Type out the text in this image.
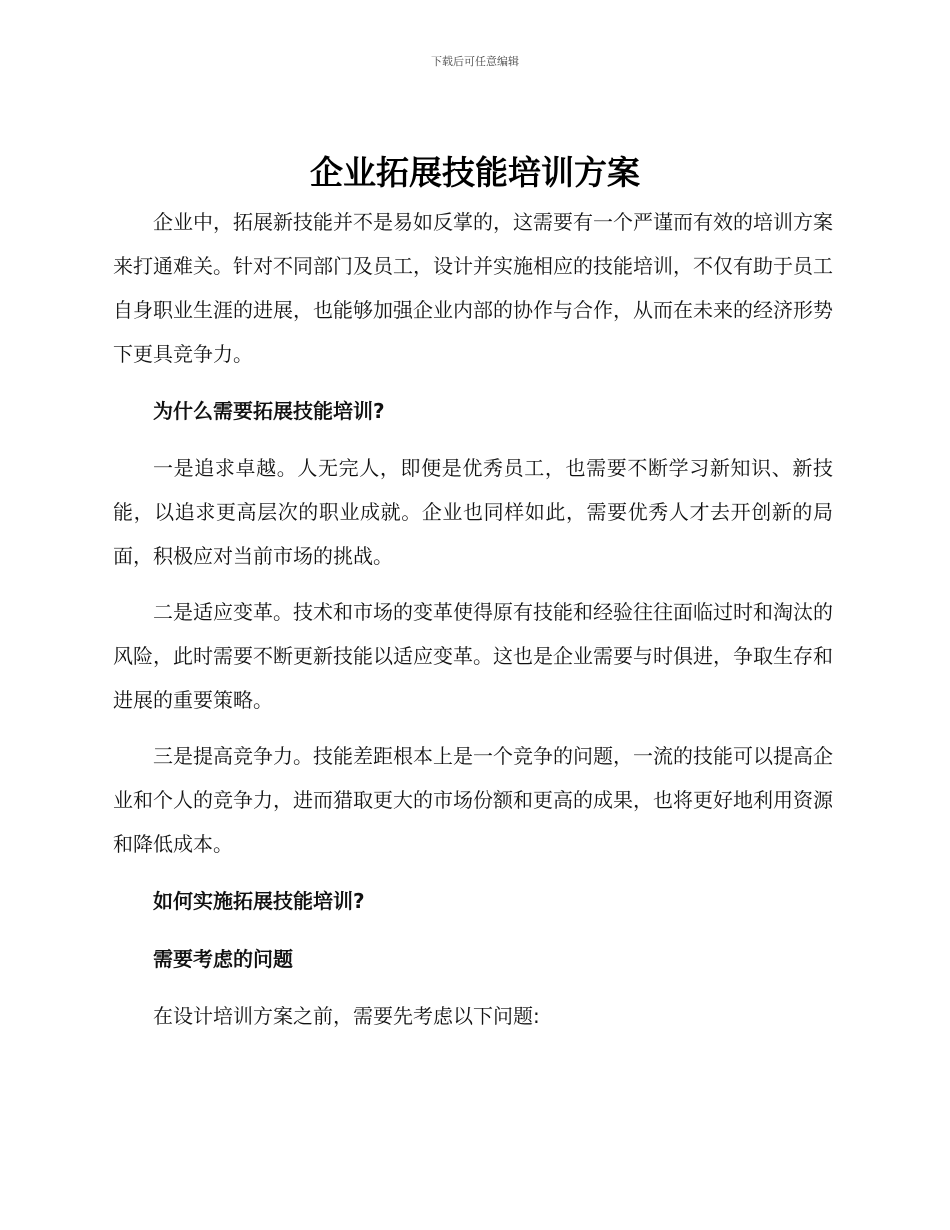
下载后可任意编辑
企业拓展技能培训方案

企业中，拓展新技能并不是易如反掌的，这需要有一个严谨而有效的培训方案来打通难关。针对不同部门及员工，设计并实施相应的技能培训，不仅有助于员工自身职业生涯的进展，也能够加强企业内部的协作与合作，从而在未来的经济形势下更具竞争力。

为什么需要拓展技能培训?

一是追求卓越。人无完人，即便是优秀员工，也需要不断学习新知识、新技能，以追求更高层次的职业成就。企业也同样如此，需要优秀人才去开创新的局面，积极应对当前市场的挑战。

二是适应变革。技术和市场的变革使得原有技能和经验往往面临过时和淘汰的风险，此时需要不断更新技能以适应变革。这也是企业需要与时俱进，争取生存和进展的重要策略。

三是提高竞争力。技能差距根本上是一个竞争的问题，一流的技能可以提高企业和个人的竞争力，进而猎取更大的市场份额和更高的成果，也将更好地利用资源和降低成本。

如何实施拓展技能培训?

需要考虑的问题

在设计培训方案之前，需要先考虑以下问题:
